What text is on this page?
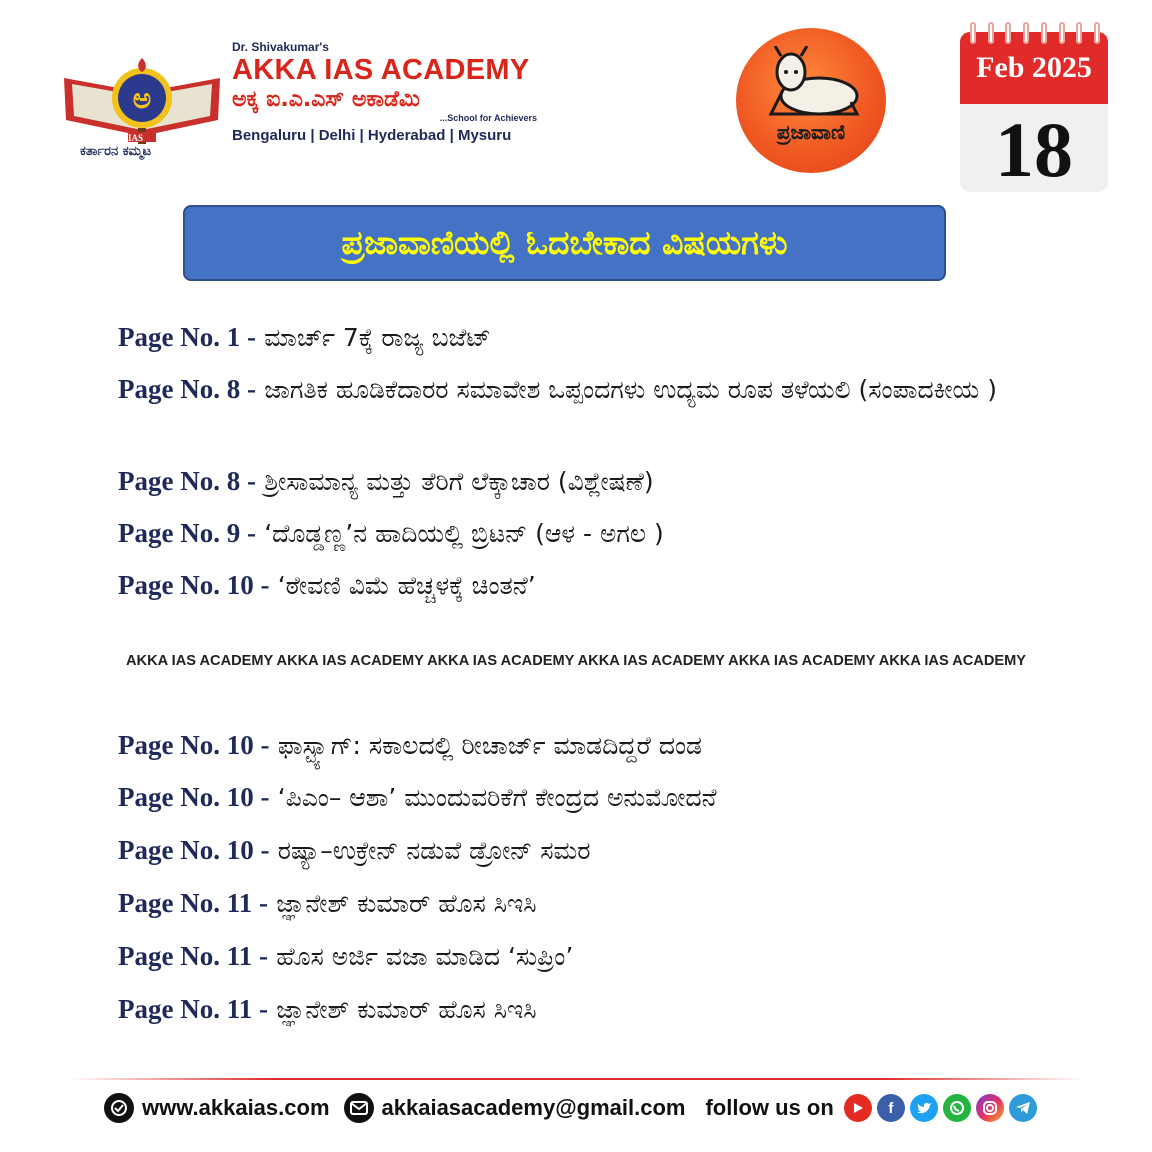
ಅ
IAS
ಕರ್ತಾರನ ಕಮ್ಮಟ
Dr. Shivakumar's
AKKA IAS ACADEMY
ಅಕ್ಕ ಐ.ಎ.ಎಸ್ ಅಕಾಡೆಮಿ
...School for Achievers
Bengaluru | Delhi | Hyderabad | Mysuru	ಪ್ರಜಾವಾಣಿ
Feb 2025
18
ಪ್ರಜಾವಾಣಿಯಲ್ಲಿ ಓದಬೇಕಾದ ವಿಷಯಗಳು
Page No. 1 - ಮಾರ್ಚ್ 7ಕ್ಕೆ ರಾಜ್ಯ ಬಜೆಟ್
Page No. 8 - ಜಾಗತಿಕ ಹೂಡಿಕೆದಾರರ ಸಮಾವೇಶ ಒಪ್ಪಂದಗಳು ಉದ್ಯಮ ರೂಪ ತಳೆಯಲಿ (ಸಂಪಾದಕೀಯ )
Page No. 8 - ಶ್ರೀಸಾಮಾನ್ಯ ಮತ್ತು ತೆರಿಗೆ ಲೆಕ್ಕಾಚಾರ (ವಿಶ್ಲೇಷಣೆ)
Page No. 9 - ‘ದೊಡ್ಡಣ್ಣ’ನ ಹಾದಿಯಲ್ಲಿ ಬ್ರಿಟನ್ (ಆಳ - ಅಗಲ )
Page No. 10 - ‘ಠೇವಣಿ ವಿಮೆ ಹೆಚ್ಚಳಕ್ಕೆ ಚಿಂತನೆ’
AKKA IAS ACADEMY AKKA IAS ACADEMY AKKA IAS ACADEMY AKKA IAS ACADEMY AKKA IAS ACADEMY AKKA IAS ACADEMY
Page No. 10 - ಫಾಸ್ಟ್ಯಾಗ್: ಸಕಾಲದಲ್ಲಿ ರೀಚಾರ್ಜ್ ಮಾಡದಿದ್ದರೆ ದಂಡ
Page No. 10 - ‘ಪಿಎಂ– ಆಶಾ’ ಮುಂದುವರಿಕೆಗೆ ಕೇಂದ್ರದ ಅನುಮೋದನೆ
Page No. 10 - ರಷ್ಯಾ–ಉಕ್ರೇನ್ ನಡುವೆ ಡ್ರೋನ್ ಸಮರ
Page No. 11 - ಜ್ಞಾನೇಶ್ ಕುಮಾರ್ ಹೊಸ ಸಿಇಸಿ
Page No. 11 - ಹೊಸ ಅರ್ಜಿ ವಜಾ ಮಾಡಿದ ‘ಸುಪ್ರಿಂ’
Page No. 11 - ಜ್ಞಾನೇಶ್ ಕುಮಾರ್ ಹೊಸ ಸಿಇಸಿ
www.akkaias.com akkaiasacademy@gmail.com follow us on	f
